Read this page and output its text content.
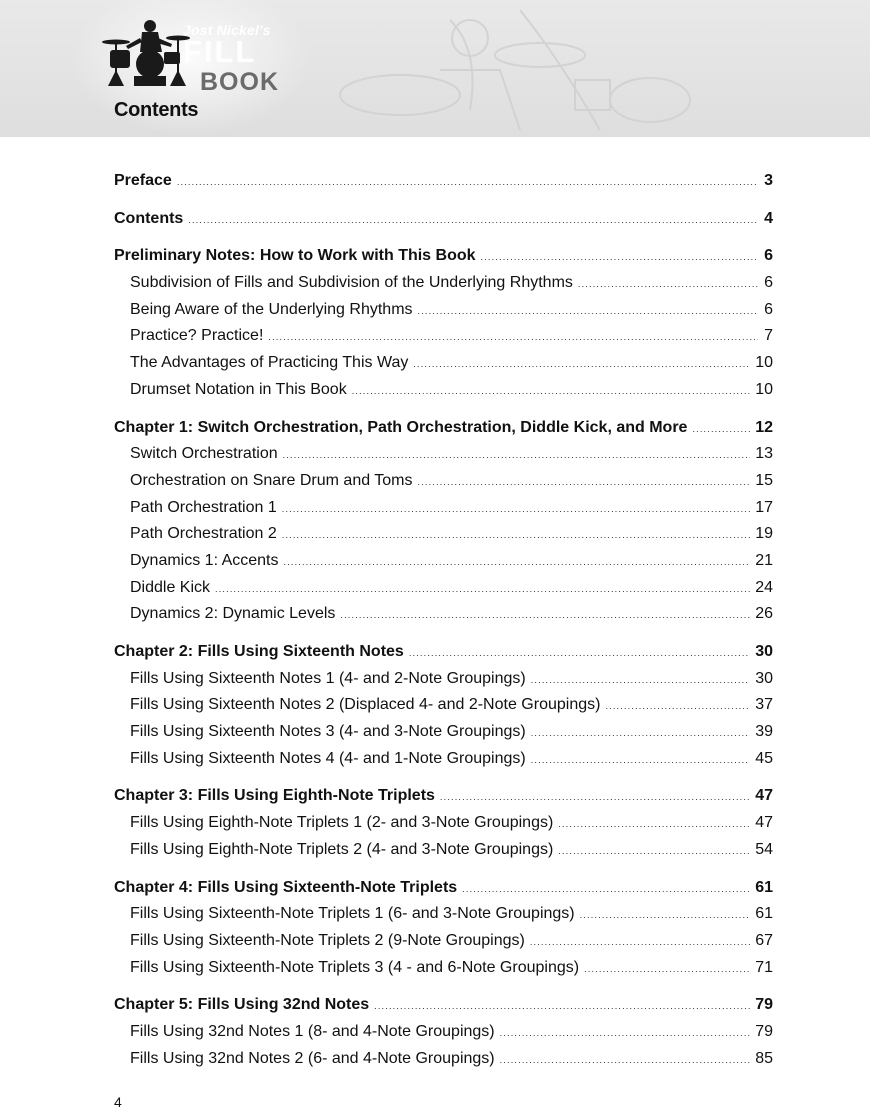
Jost Nickel's
FILL
BOOK
Contents
Preface .....	3
Contents .....	4
Preliminary Notes: How to Work with This Book .....	6
Subdivision of Fills and Subdivision of the Underlying Rhythms .....	6
Being Aware of the Underlying Rhythms .....	6
Practice? Practice! .....	7
The Advantages of Practicing This Way .....	10
Drumset Notation in This Book .....	10
Chapter 1: Switch Orchestration, Path Orchestration, Diddle Kick, and More .....	12
Switch Orchestration .....	13
Orchestration on Snare Drum and Toms .....	15
Path Orchestration 1 .....	17
Path Orchestration 2 .....	19
Dynamics 1: Accents .....	21
Diddle Kick .....	24
Dynamics 2: Dynamic Levels .....	26
Chapter 2: Fills Using Sixteenth Notes .....	30
Fills Using Sixteenth Notes 1 (4- and 2-Note Groupings) .....	30
Fills Using Sixteenth Notes 2 (Displaced 4- and 2-Note Groupings) .....	37
Fills Using Sixteenth Notes 3 (4- and 3-Note Groupings) .....	39
Fills Using Sixteenth Notes 4 (4- and 1-Note Groupings) .....	45
Chapter 3: Fills Using Eighth-Note Triplets .....	47
Fills Using Eighth-Note Triplets 1 (2- and 3-Note Groupings) .....	47
Fills Using Eighth-Note Triplets 2 (4- and 3-Note Groupings) .....	54
Chapter 4: Fills Using Sixteenth-Note Triplets .....	61
Fills Using Sixteenth-Note Triplets 1 (6- and 3-Note Groupings) .....	61
Fills Using Sixteenth-Note Triplets 2 (9-Note Groupings) .....	67
Fills Using Sixteenth-Note Triplets 3 (4 - and 6-Note Groupings) .....	71
Chapter 5: Fills Using 32nd Notes .....	79
Fills Using 32nd Notes 1 (8- and 4-Note Groupings) .....	79
Fills Using 32nd Notes 2 (6- and 4-Note Groupings) .....	85
4
